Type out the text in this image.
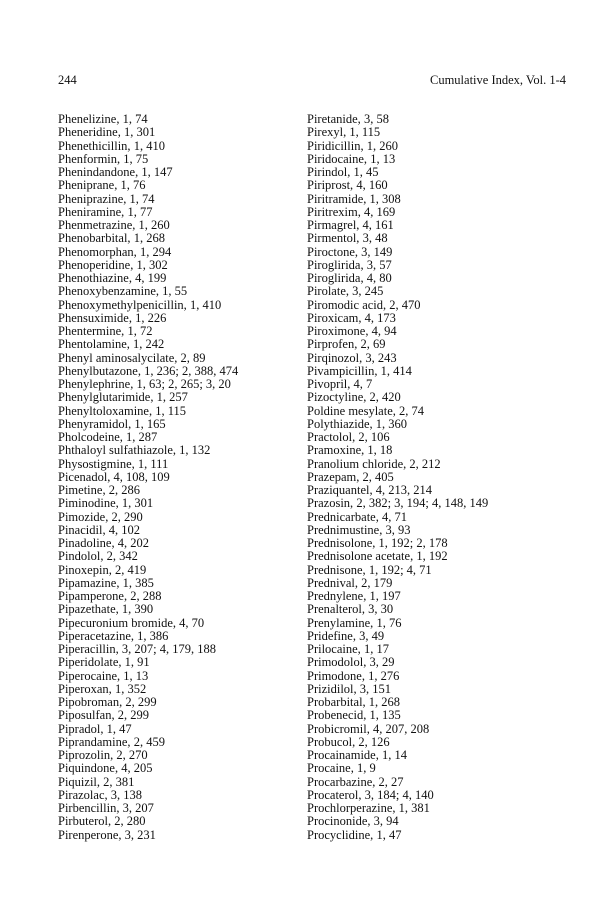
244	Cumulative Index, Vol. 1-4
Phenelizine, 1, 74
Pheneridine, 1, 301
Phenethicillin, 1, 410
Phenformin, 1, 75
Phenindandone, 1, 147
Pheniprane, 1, 76
Pheniprazine, 1, 74
Pheniramine, 1, 77
Phenmetrazine, 1, 260
Phenobarbital, 1, 268
Phenomorphan, 1, 294
Phenoperidine, 1, 302
Phenothiazine, 4, 199
Phenoxybenzamine, 1, 55
Phenoxymethylpenicillin, 1, 410
Phensuximide, 1, 226
Phentermine, 1, 72
Phentolamine, 1, 242
Phenyl aminosalycilate, 2, 89
Phenylbutazone, 1, 236; 2, 388, 474
Phenylephrine, 1, 63; 2, 265; 3, 20
Phenylglutarimide, 1, 257
Phenyltoloxamine, 1, 115
Phenyramidol, 1, 165
Pholcodeine, 1, 287
Phthaloyl sulfathiazole, 1, 132
Physostigmine, 1, 111
Picenadol, 4, 108, 109
Pimetine, 2, 286
Piminodine, 1, 301
Pimozide, 2, 290
Pinacidil, 4, 102
Pinadoline, 4, 202
Pindolol, 2, 342
Pinoxepin, 2, 419
Pipamazine, 1, 385
Pipamperone, 2, 288
Pipazethate, 1, 390
Pipecuronium bromide, 4, 70
Piperacetazine, 1, 386
Piperacillin, 3, 207; 4, 179, 188
Piperidolate, 1, 91
Piperocaine, 1, 13
Piperoxan, 1, 352
Pipobroman, 2, 299
Piposulfan, 2, 299
Pipradol, 1, 47
Piprandamine, 2, 459
Piprozolin, 2, 270
Piquindone, 4, 205
Piquizil, 2, 381
Pirazolac, 3, 138
Pirbencillin, 3, 207
Pirbuterol, 2, 280
Pirenperone, 3, 231
Piretanide, 3, 58
Pirexyl, 1, 115
Piridicillin, 1, 260
Piridocaine, 1, 13
Pirindol, 1, 45
Piriprost, 4, 160
Piritramide, 1, 308
Piritrexim, 4, 169
Pirmagrel, 4, 161
Pirmentol, 3, 48
Piroctone, 3, 149
Piroglirida, 3, 57
Piroglirida, 4, 80
Pirolate, 3, 245
Piromodic acid, 2, 470
Piroxicam, 4, 173
Piroximone, 4, 94
Pirprofen, 2, 69
Pirqinozol, 3, 243
Pivampicillin, 1, 414
Pivopril, 4, 7
Pizoctyline, 2, 420
Poldine mesylate, 2, 74
Polythiazide, 1, 360
Practolol, 2, 106
Pramoxine, 1, 18
Pranolium chloride, 2, 212
Prazepam, 2, 405
Praziquantel, 4, 213, 214
Prazosin, 2, 382; 3, 194; 4, 148, 149
Prednicarbate, 4, 71
Prednimustine, 3, 93
Prednisolone, 1, 192; 2, 178
Prednisolone acetate, 1, 192
Prednisone, 1, 192; 4, 71
Prednival, 2, 179
Prednylene, 1, 197
Prenalterol, 3, 30
Prenylamine, 1, 76
Pridefine, 3, 49
Prilocaine, 1, 17
Primodolol, 3, 29
Primodone, 1, 276
Prizidilol, 3, 151
Probarbital, 1, 268
Probenecid, 1, 135
Probicromil, 4, 207, 208
Probucol, 2, 126
Procainamide, 1, 14
Procaine, 1, 9
Procarbazine, 2, 27
Procaterol, 3, 184; 4, 140
Prochlorperazine, 1, 381
Procinonide, 3, 94
Procyclidine, 1, 47
